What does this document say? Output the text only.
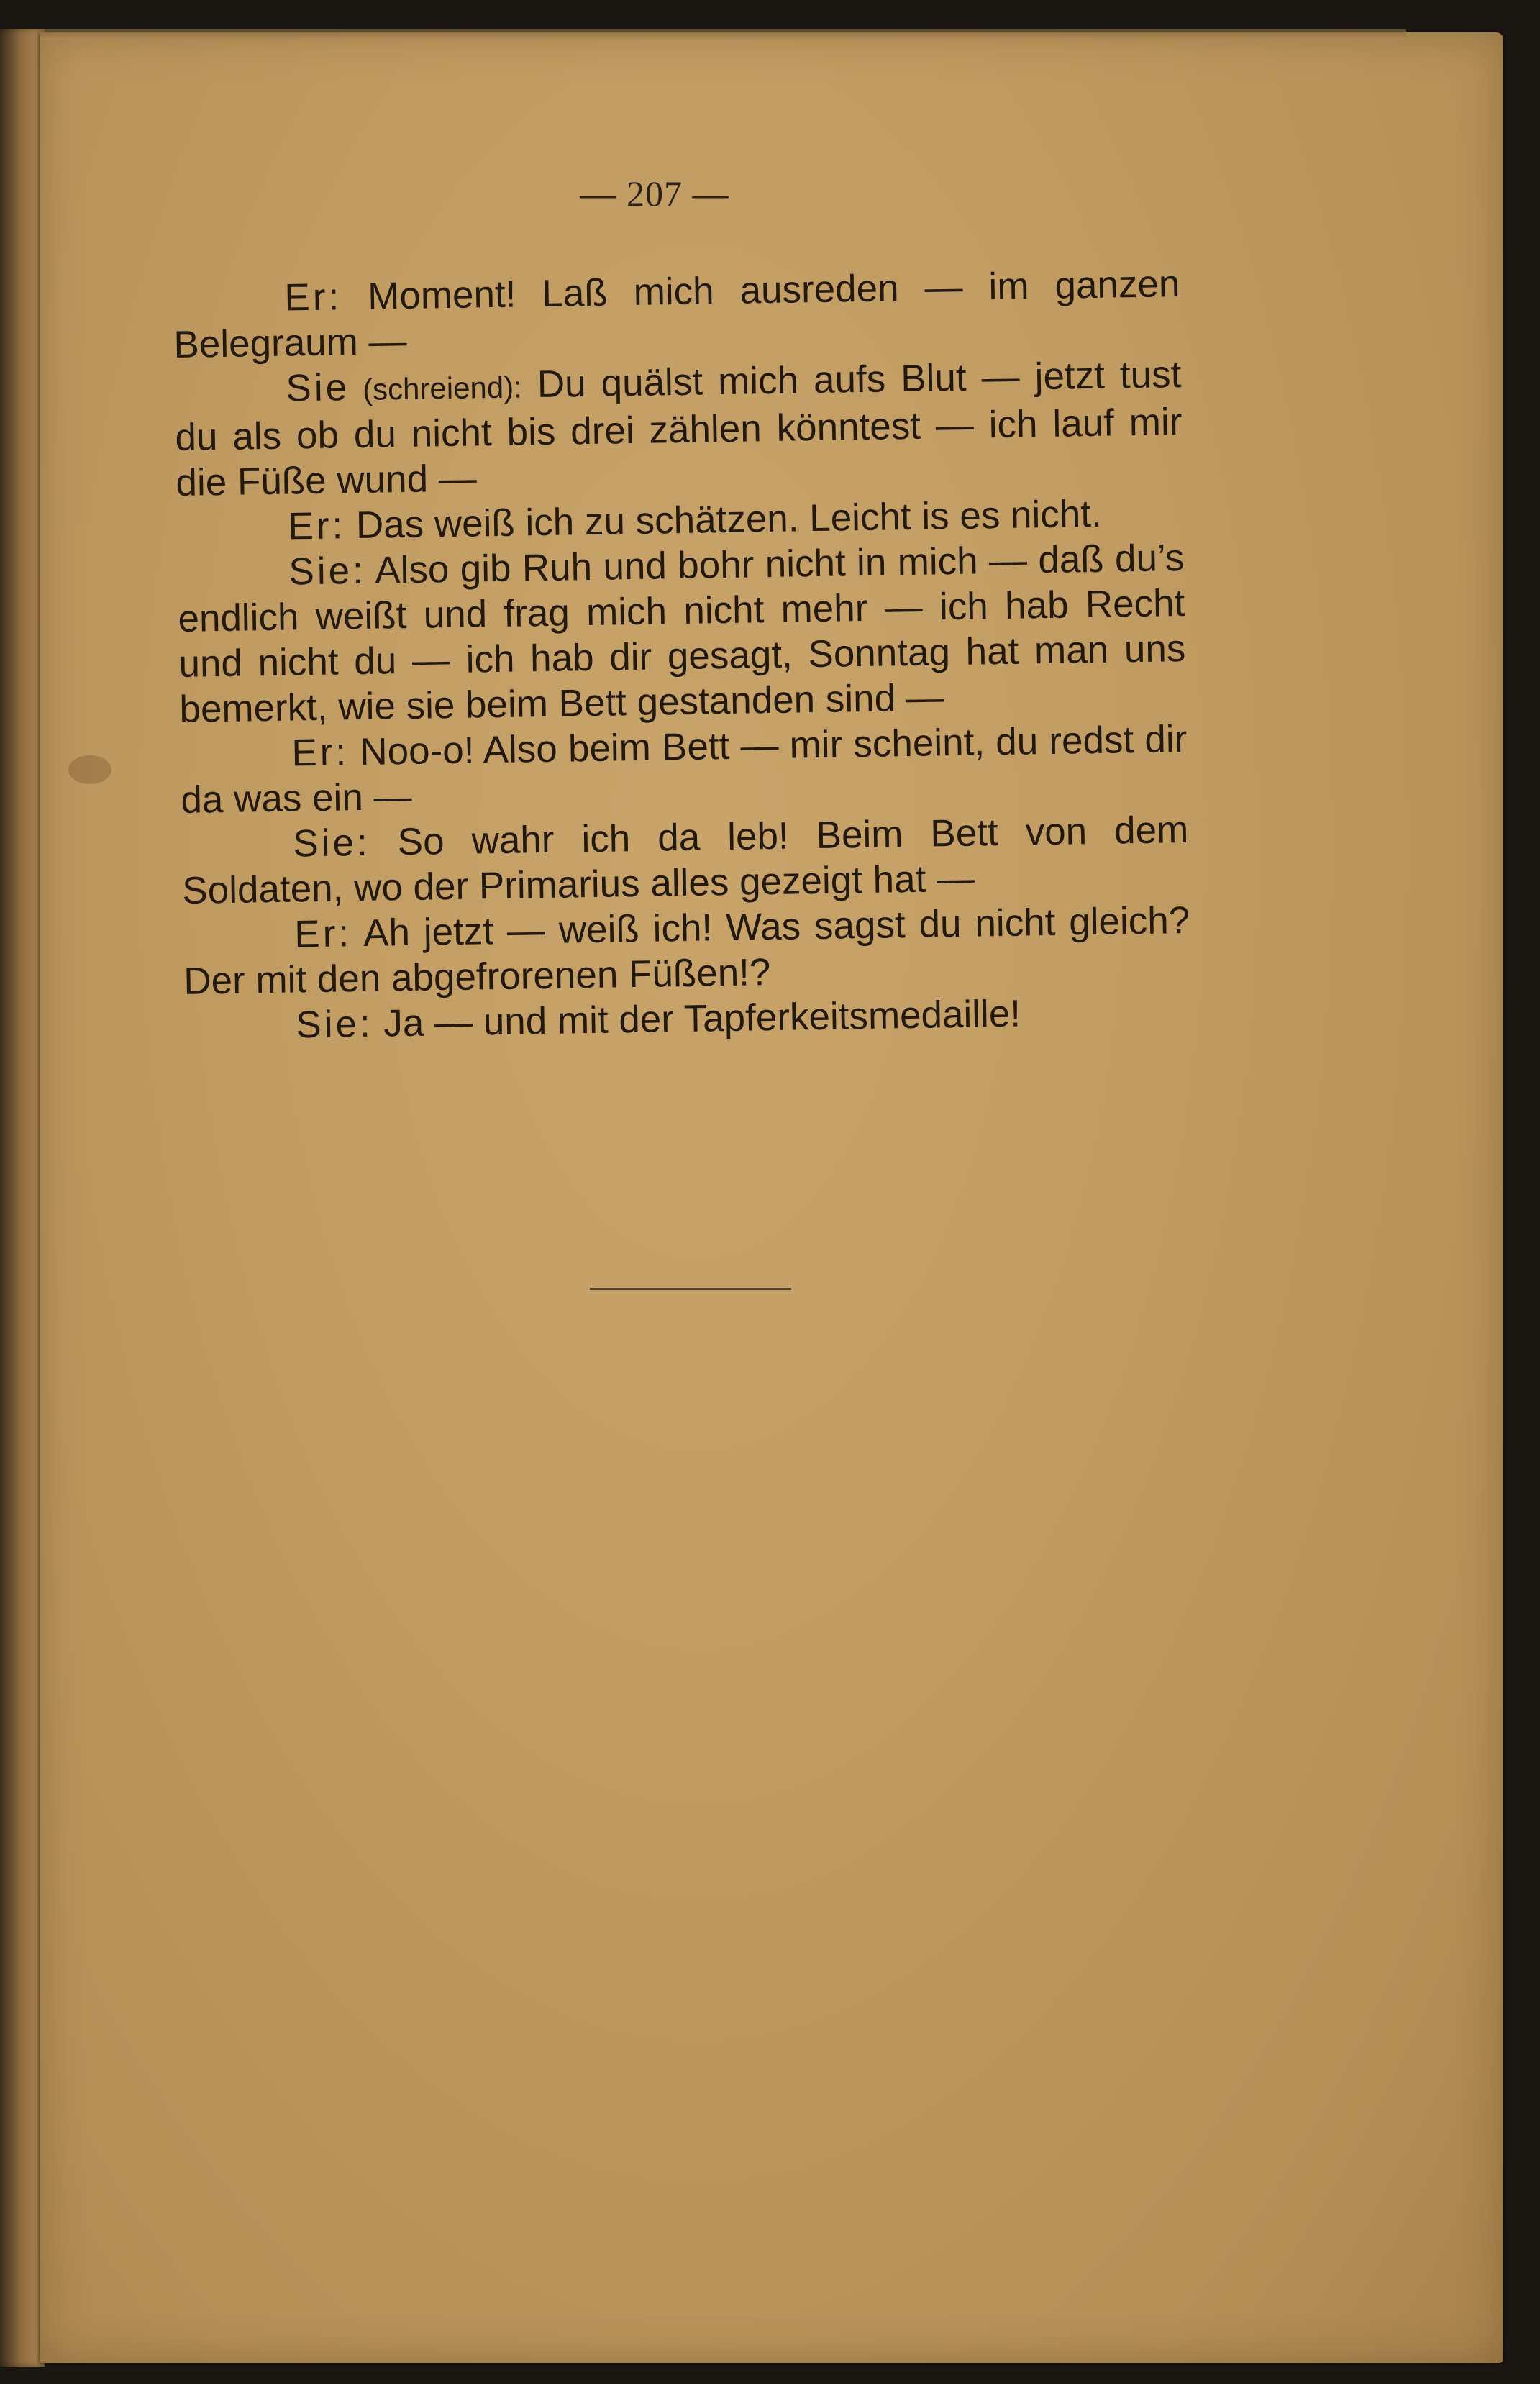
— 207 —

Er: Moment! Laß mich ausreden — im ganzen Belegraum —

Sie (schreiend): Du quälst mich aufs Blut — jetzt tust du als ob du nicht bis drei zählen könntest — ich lauf mir die Füße wund —

Er: Das weiß ich zu schätzen. Leicht is es nicht.

Sie: Also gib Ruh und bohr nicht in mich — daß du’s endlich weißt und frag mich nicht mehr — ich hab Recht und nicht du — ich hab dir gesagt, Sonntag hat man uns bemerkt, wie sie beim Bett gestanden sind —

Er: Noo-o! Also beim Bett — mir scheint, du redst dir da was ein —

Sie: So wahr ich da leb! Beim Bett von dem Soldaten, wo der Primarius alles gezeigt hat —

Er: Ah jetzt — weiß ich! Was sagst du nicht gleich? Der mit den abgefrorenen Füßen!?

Sie: Ja — und mit der Tapferkeitsmedaille!
